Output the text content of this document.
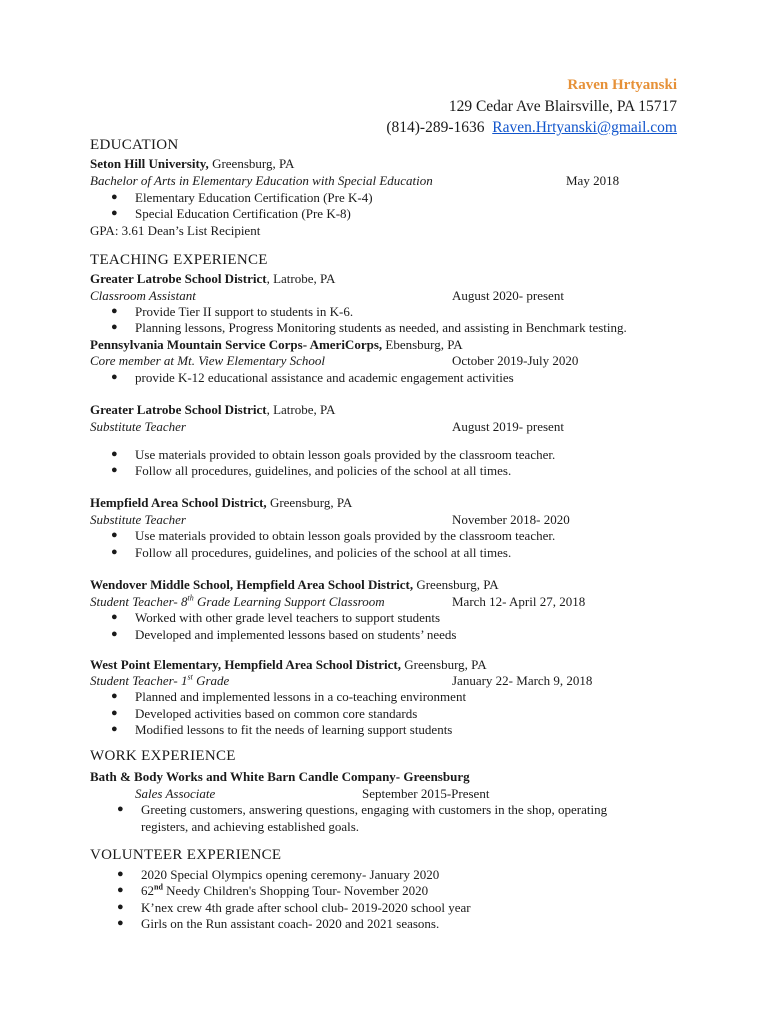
Raven Hrtyanski
129 Cedar Ave Blairsville, PA 15717
(814)-289-1636 Raven.Hrtyanski@gmail.com
EDUCATION
Seton Hill University, Greensburg, PA
Bachelor of Arts in Elementary Education with Special Education	May 2018
● Elementary Education Certification (Pre K-4)
● Special Education Certification (Pre K-8)
GPA: 3.61 Dean’s List Recipient
TEACHING EXPERIENCE
Greater Latrobe School District, Latrobe, PA
Classroom Assistant	August 2020- present
● Provide Tier II support to students in K-6.
● Planning lessons, Progress Monitoring students as needed, and assisting in Benchmark testing.
Pennsylvania Mountain Service Corps- AmeriCorps, Ebensburg, PA
Core member at Mt. View Elementary School	October 2019-July 2020
● provide K-12 educational assistance and academic engagement activities
Greater Latrobe School District, Latrobe, PA
Substitute Teacher	August 2019- present
● Use materials provided to obtain lesson goals provided by the classroom teacher.
● Follow all procedures, guidelines, and policies of the school at all times.
Hempfield Area School District, Greensburg, PA
Substitute Teacher	November 2018- 2020
● Use materials provided to obtain lesson goals provided by the classroom teacher.
● Follow all procedures, guidelines, and policies of the school at all times.
Wendover Middle School, Hempfield Area School District, Greensburg, PA
Student Teacher- 8th Grade Learning Support Classroom	March 12- April 27, 2018
● Worked with other grade level teachers to support students
● Developed and implemented lessons based on students’ needs
West Point Elementary, Hempfield Area School District, Greensburg, PA
Student Teacher- 1st Grade	January 22- March 9, 2018
● Planned and implemented lessons in a co-teaching environment
● Developed activities based on common core standards
● Modified lessons to fit the needs of learning support students
WORK EXPERIENCE
Bath & Body Works and White Barn Candle Company- Greensburg
Sales Associate	September 2015-Present
● Greeting customers, answering questions, engaging with customers in the shop, operating registers, and achieving established goals.
VOLUNTEER EXPERIENCE
● 2020 Special Olympics opening ceremony- January 2020
● 62nd Needy Children's Shopping Tour- November 2020
● K’nex crew 4th grade after school club- 2019-2020 school year
● Girls on the Run assistant coach- 2020 and 2021 seasons.
